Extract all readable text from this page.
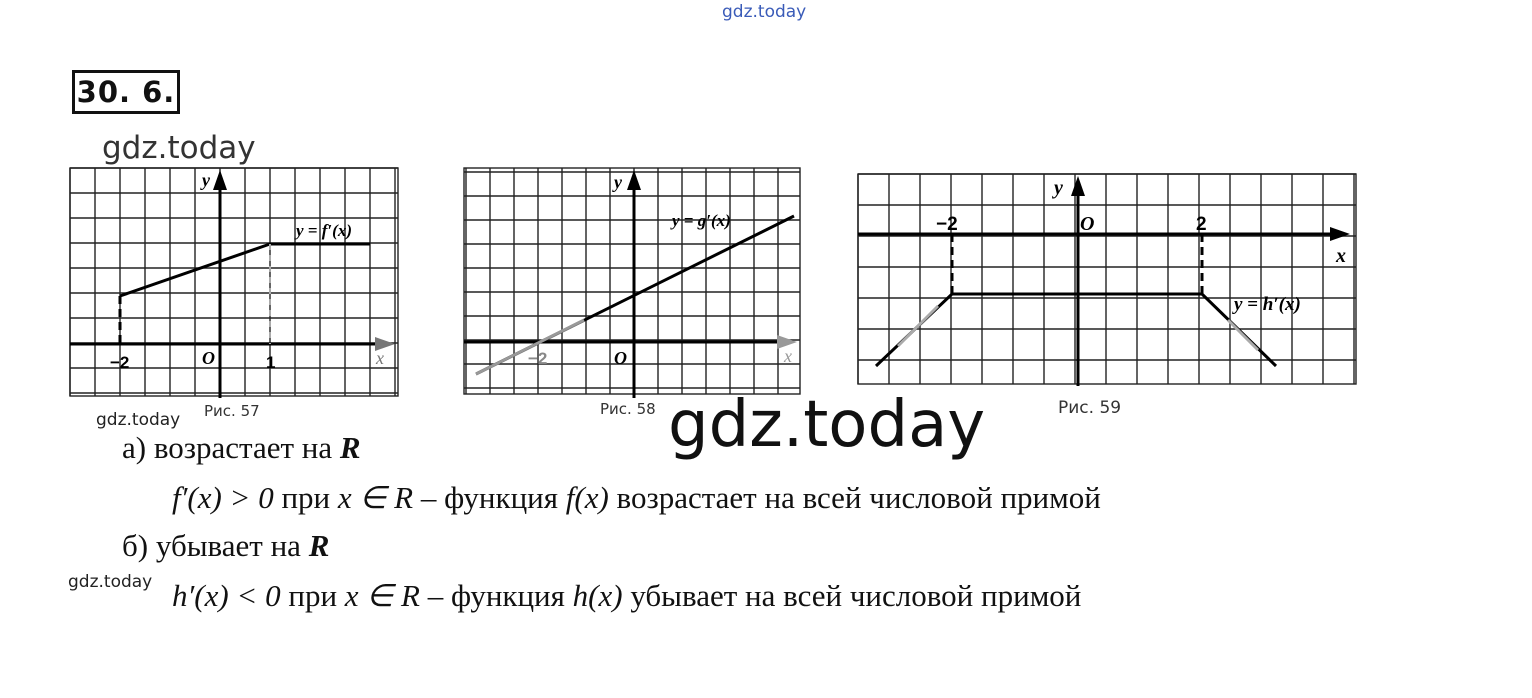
gdz.today
gdz.today
gdz.today
gdz.today
30. 6.
y
x
y = f′(x)
O
−2	1
Рис. 57
y
x
y = g′(x)
O
−2
Рис. 58
y
x
y = h′(x)
O
−2	2
Рис. 59
gdz.today
а) возрастает на R
f′(x) > 0 при x ∈ R – функция f(x) возрастает на всей числовой примой
б) убывает на R
h′(x) < 0 при x ∈ R – функция h(x) убывает на всей числовой примой
